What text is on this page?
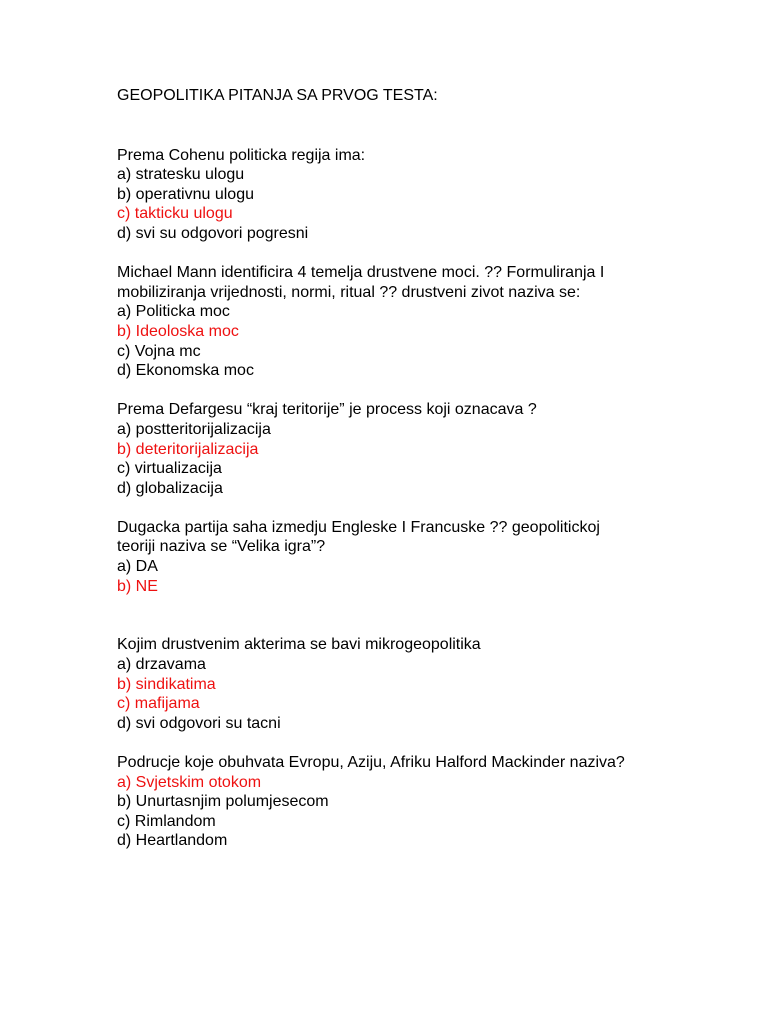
GEOPOLITIKA PITANJA SA PRVOG TESTA:
Prema Cohenu politicka regija ima:
a) stratesku ulogu
b) operativnu ulogu
c) takticku ulogu
d) svi su odgovori pogresni
Michael Mann identificira 4 temelja drustvene moci. ?? Formuliranja I mobiliziranja vrijednosti, normi, ritual ?? drustveni zivot naziva se:
a) Politicka moc
b) Ideoloska moc
c) Vojna mc
d) Ekonomska moc
Prema Defargesu “kraj teritorije” je process koji oznacava ?
a) postteritorijalizacija
b) deteritorijalizacija
c) virtualizacija
d) globalizacija
Dugacka partija saha izmedju Engleske I Francuske ?? geopolitickoj teoriji naziva se “Velika igra”?
a) DA
b) NE
Kojim drustvenim akterima se bavi mikrogeopolitika
a) drzavama
b) sindikatima
c) mafijama
d) svi odgovori su tacni
Podrucje koje obuhvata Evropu, Aziju, Afriku Halford Mackinder naziva?
a) Svjetskim otokom
b) Unurtasnjim polumjesecom
c) Rimlandom
d) Heartlandom
